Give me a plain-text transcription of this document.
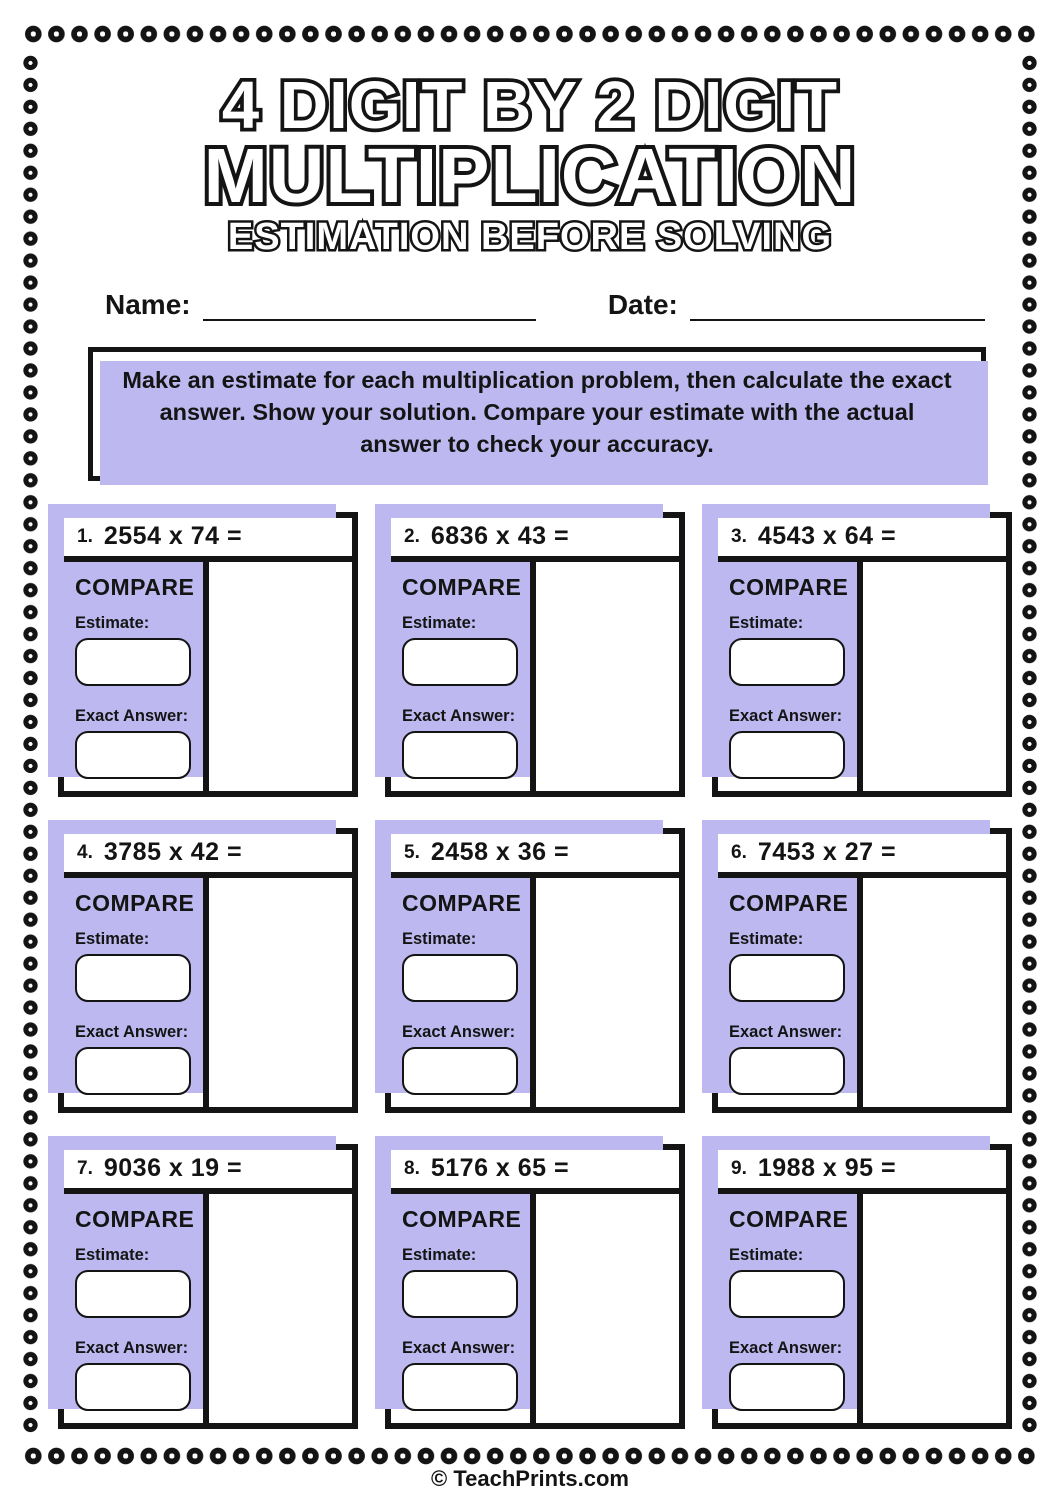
4 DIGIT BY 2 DIGIT
MULTIPLICATION
ESTIMATION BEFORE SOLVING
Name:	Date:
Make an estimate for each multiplication problem, then calculate the exact answer. Show your solution. Compare your estimate with the actual answer to check your accuracy.
1. 2554 x 74 =
COMPARE
Estimate:
Exact Answer:
2. 6836 x 43 =
COMPARE
Estimate:
Exact Answer:
3. 4543 x 64 =
COMPARE
Estimate:
Exact Answer:
4. 3785 x 42 =
COMPARE
Estimate:
Exact Answer:
5. 2458 x 36 =
COMPARE
Estimate:
Exact Answer:
6. 7453 x 27 =
COMPARE
Estimate:
Exact Answer:
7. 9036 x 19 =
COMPARE
Estimate:
Exact Answer:
8. 5176 x 65 =
COMPARE
Estimate:
Exact Answer:
9. 1988 x 95 =
COMPARE
Estimate:
Exact Answer:
© TeachPrints.com
